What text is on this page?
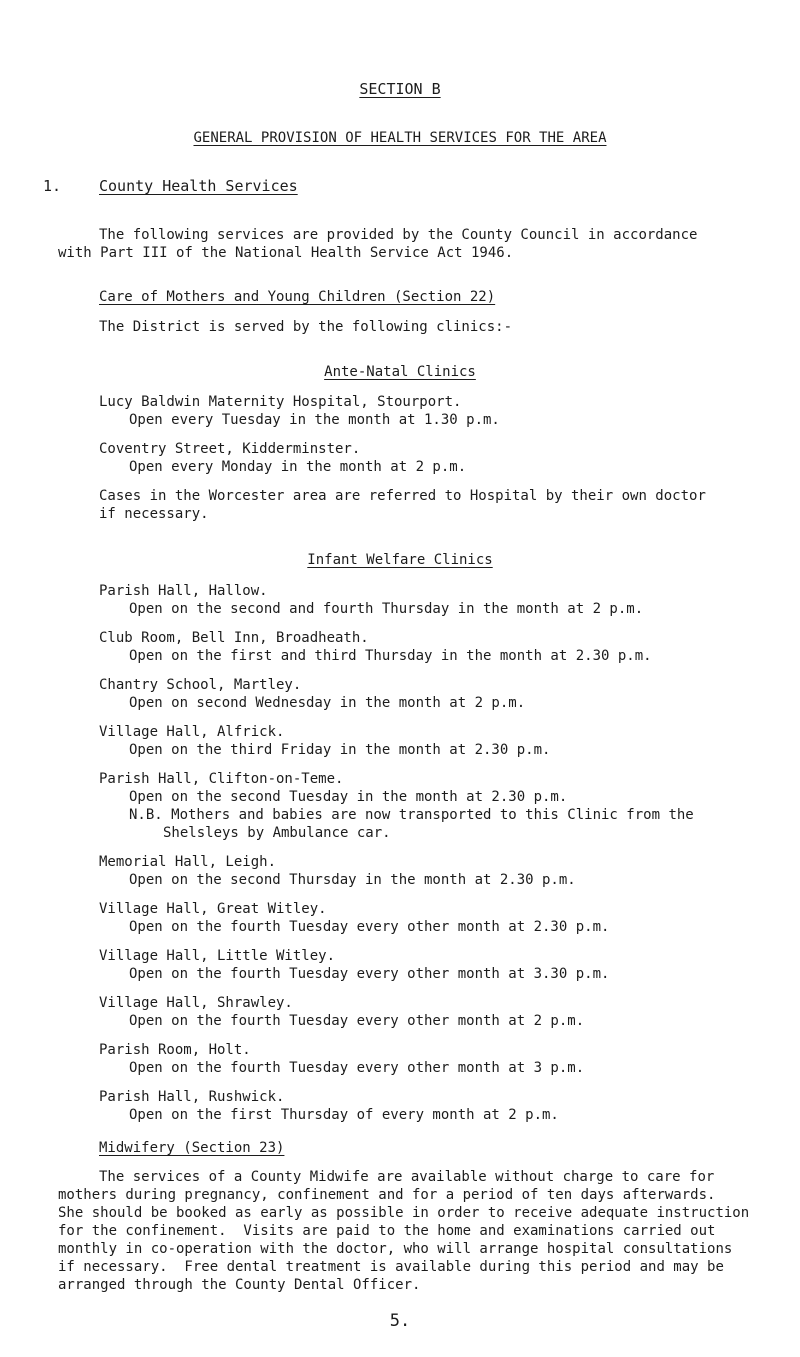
SECTION B
GENERAL PROVISION OF HEALTH SERVICES FOR THE AREA
1.	County Health Services
The following services are provided by the County Council in accordance
with Part III of the National Health Service Act 1946.
Care of Mothers and Young Children (Section 22)
The District is served by the following clinics:-
Ante-Natal Clinics
Lucy Baldwin Maternity Hospital, Stourport.
Open every Tuesday in the month at 1.30 p.m.
Coventry Street, Kidderminster.
Open every Monday in the month at 2 p.m.
Cases in the Worcester area are referred to Hospital by their own doctor
if necessary.
Infant Welfare Clinics
Parish Hall, Hallow.
Open on the second and fourth Thursday in the month at 2 p.m.
Club Room, Bell Inn, Broadheath.
Open on the first and third Thursday in the month at 2.30 p.m.
Chantry School, Martley.
Open on second Wednesday in the month at 2 p.m.
Village Hall, Alfrick.
Open on the third Friday in the month at 2.30 p.m.
Parish Hall, Clifton-on-Teme.
Open on the second Tuesday in the month at 2.30 p.m.
N.B. Mothers and babies are now transported to this Clinic from the
Shelsleys by Ambulance car.
Memorial Hall, Leigh.
Open on the second Thursday in the month at 2.30 p.m.
Village Hall, Great Witley.
Open on the fourth Tuesday every other month at 2.30 p.m.
Village Hall, Little Witley.
Open on the fourth Tuesday every other month at 3.30 p.m.
Village Hall, Shrawley.
Open on the fourth Tuesday every other month at 2 p.m.
Parish Room, Holt.
Open on the fourth Tuesday every other month at 3 p.m.
Parish Hall, Rushwick.
Open on the first Thursday of every month at 2 p.m.
Midwifery (Section 23)
The services of a County Midwife are available without charge to care for
mothers during pregnancy, confinement and for a period of ten days afterwards.
She should be booked as early as possible in order to receive adequate instruction
for the confinement.  Visits are paid to the home and examinations carried out
monthly in co-operation with the doctor, who will arrange hospital consultations
if necessary.  Free dental treatment is available during this period and may be
arranged through the County Dental Officer.
5.
